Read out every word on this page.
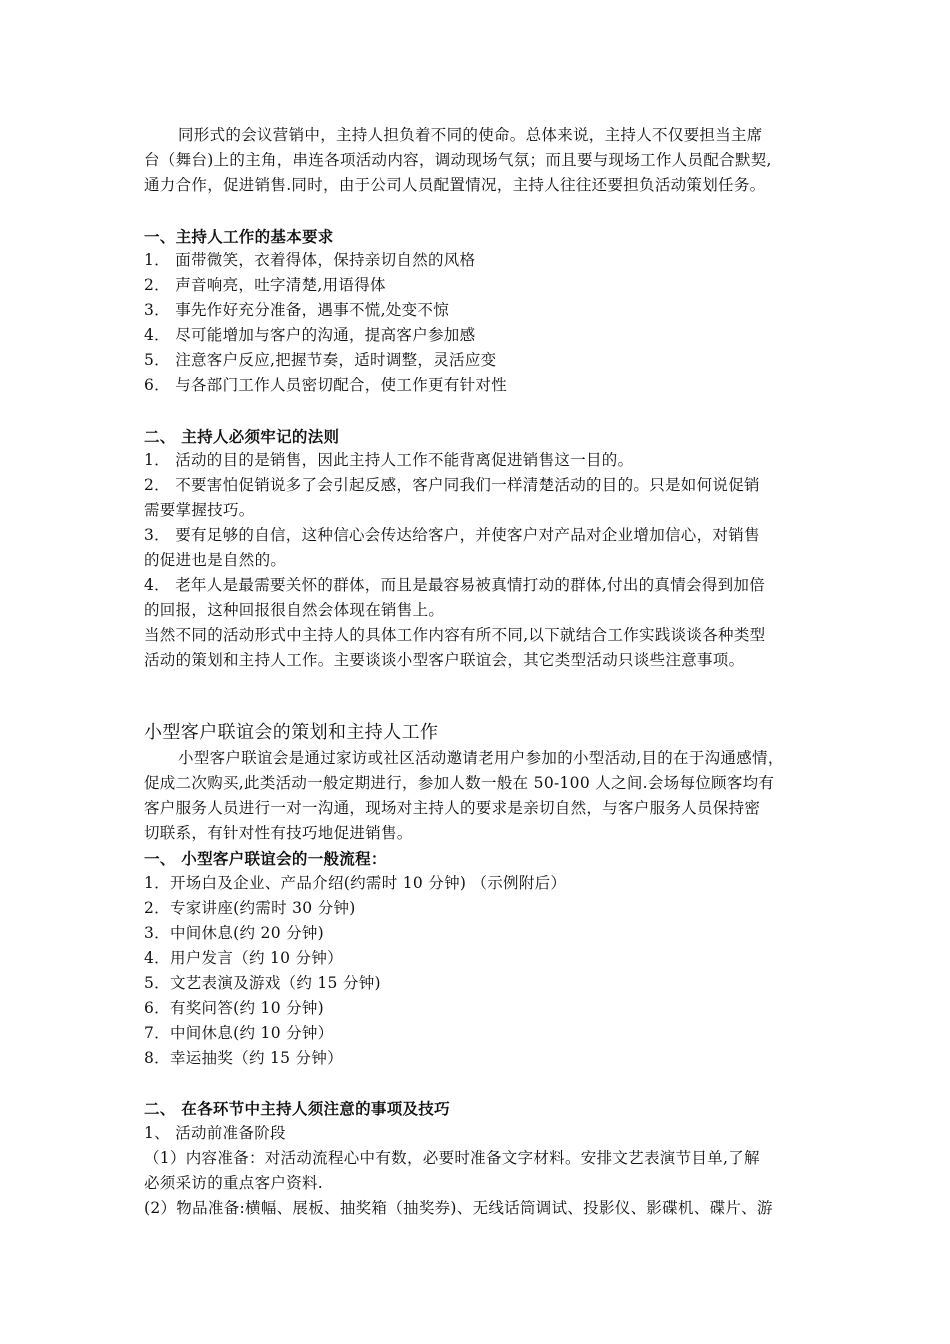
同形式的会议营销中，主持人担负着不同的使命。总体来说，主持人不仅要担当主席
台（舞台)上的主角，串连各项活动内容，调动现场气氛；而且要与现场工作人员配合默契,
通力合作，促进销售.同时，由于公司人员配置情况，主持人往往还要担负活动策划任务。
一、主持人工作的基本要求
1． 面带微笑，衣着得体，保持亲切自然的风格
2． 声音响亮，吐字清楚,用语得体
3． 事先作好充分准备，遇事不慌,处变不惊
4． 尽可能增加与客户的沟通，提高客户参加感
5． 注意客户反应,把握节奏，适时调整，灵活应变
6． 与各部门工作人员密切配合，使工作更有针对性
二、 主持人必须牢记的法则
1． 活动的目的是销售，因此主持人工作不能背离促进销售这一目的。
2． 不要害怕促销说多了会引起反感，客户同我们一样清楚活动的目的。只是如何说促销
需要掌握技巧。
3． 要有足够的自信，这种信心会传达给客户，并使客户对产品对企业增加信心，对销售
的促进也是自然的。
4． 老年人是最需要关怀的群体，而且是最容易被真情打动的群体,付出的真情会得到加倍
的回报，这种回报很自然会体现在销售上。
当然不同的活动形式中主持人的具体工作内容有所不同,以下就结合工作实践谈谈各种类型
活动的策划和主持人工作。主要谈谈小型客户联谊会，其它类型活动只谈些注意事项。
小型客户联谊会的策划和主持人工作
小型客户联谊会是通过家访或社区活动邀请老用户参加的小型活动,目的在于沟通感情，
促成二次购买,此类活动一般定期进行，参加人数一般在 50-100 人之间.会场每位顾客均有
客户服务人员进行一对一沟通，现场对主持人的要求是亲切自然，与客户服务人员保持密
切联系，有针对性有技巧地促进销售。
一、 小型客户联谊会的一般流程：
1．开场白及企业、产品介绍(约需时 10 分钟) （示例附后）
2．专家讲座(约需时 30 分钟)
3．中间休息(约 20 分钟)
4．用户发言（约 10 分钟）
5．文艺表演及游戏（约 15 分钟)
6．有奖问答(约 10 分钟)
7．中间休息(约 10 分钟）
8．幸运抽奖（约 15 分钟）
二、 在各环节中主持人须注意的事项及技巧
1、 活动前准备阶段
（1）内容准备：对活动流程心中有数，必要时准备文字材料。安排文艺表演节目单,了解
必须采访的重点客户资料.
(2）物品准备:横幅、展板、抽奖箱（抽奖券)、无线话筒调试、投影仪、影碟机、碟片、游
